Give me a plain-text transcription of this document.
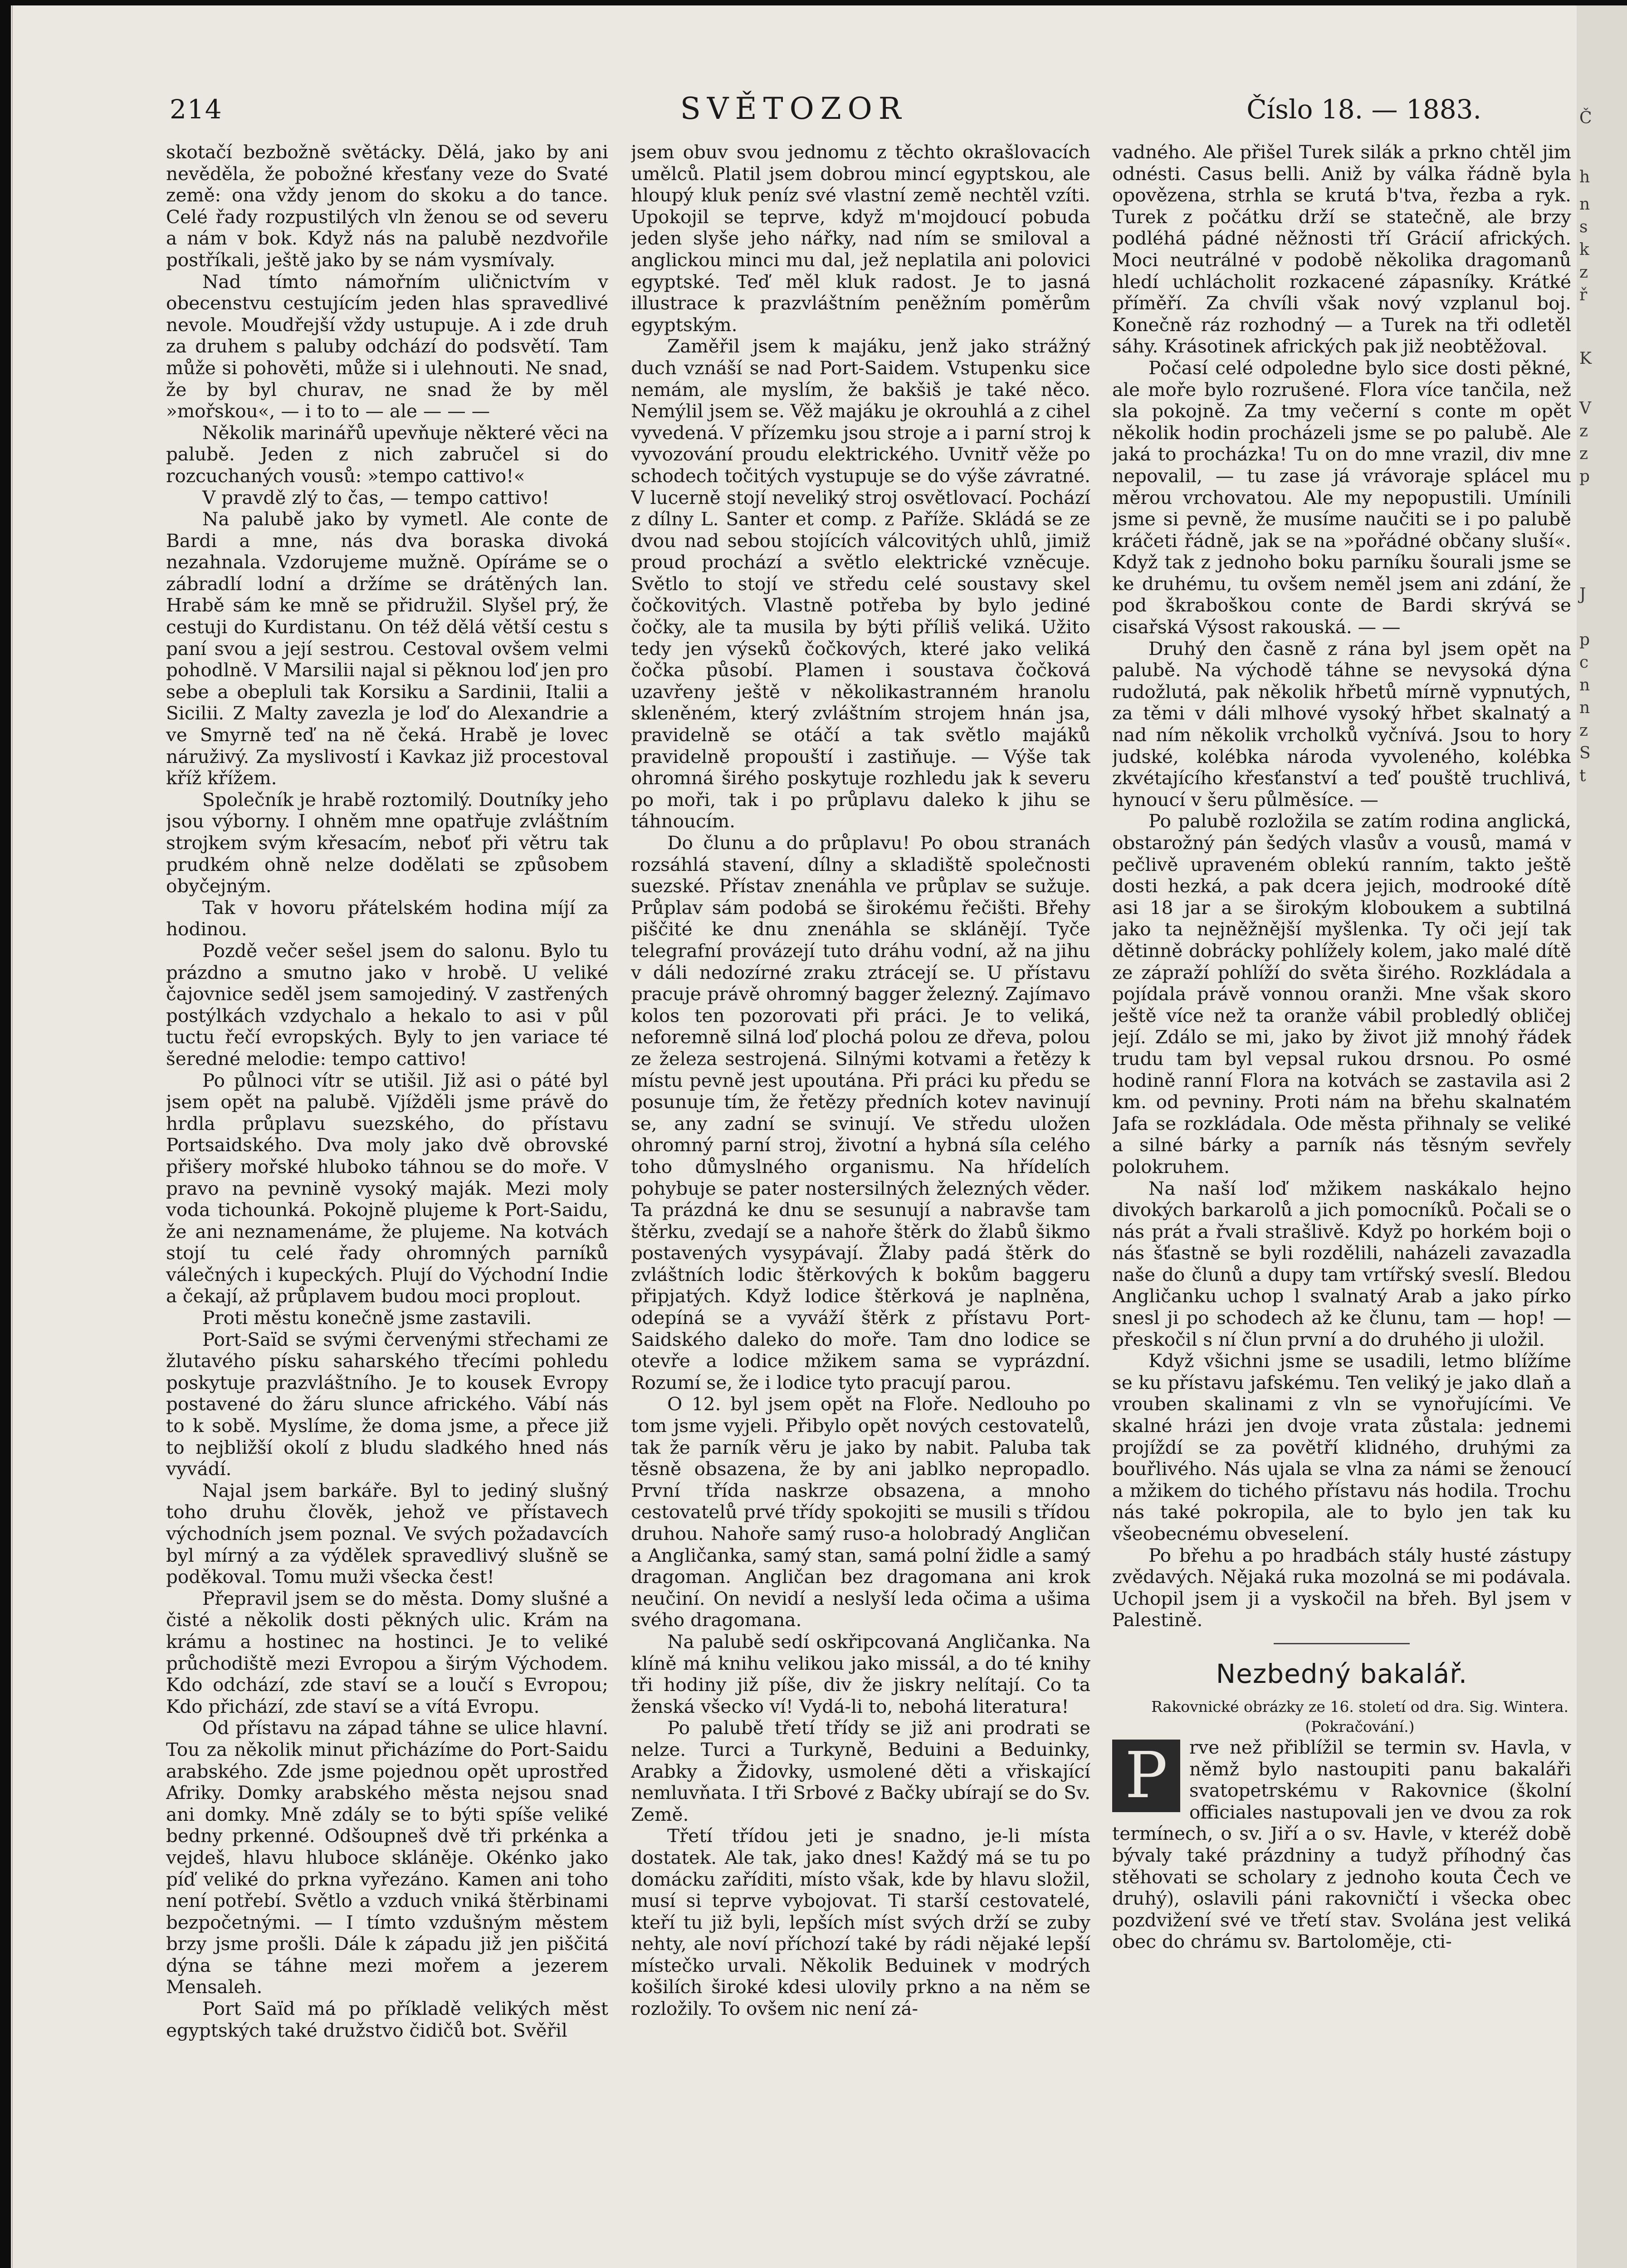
214	SVĚTOZOR	Číslo 18. — 1883.

skotačí bezbožně světácky. Dělá, jako by ani nevěděla, že pobožné křesťany veze do Svaté země: ona vždy jenom do skoku a do tance. Celé řady rozpustilých vln ženou se od severu a nám v bok. Když nás na palubě nezdvořile postříkali, ještě jako by se nám vysmívaly.

Nad tímto námořním uličnictvím v obecenstvu cestujícím jeden hlas spravedlivé nevole. Moudřejší vždy ustupuje. A i zde druh za druhem s paluby odchází do podsvětí. Tam může si pohověti, může si i ulehnouti. Ne snad, že by byl churav, ne snad že by měl »mořskou«, — i to to — ale — — —

Několik marinářů upevňuje některé věci na palubě. Jeden z nich zabručel si do rozcuchaných vousů: »tempo cattivo!«

V pravdě zlý to čas, — tempo cattivo!

Na palubě jako by vymetl. Ale conte de Bardi a mne, nás dva boraska divoká nezahnala. Vzdorujeme mužně. Opíráme se o zábradlí lodní a držíme se drátěných lan. Hrabě sám ke mně se přidružil. Slyšel prý, že cestuji do Kurdistanu. On též dělá větší cestu s paní svou a její sestrou. Cestoval ovšem velmi pohodlně. V Marsilii najal si pěknou loď jen pro sebe a obepluli tak Korsiku a Sardinii, Italii a Sicilii. Z Malty zavezla je loď do Alexandrie a ve Smyrně teď na ně čeká. Hrabě je lovec náruživý. Za myslivostí i Kavkaz již procestoval kříž křížem.

Společník je hrabě roztomilý. Doutníky jeho jsou výborny. I ohněm mne opatřuje zvláštním strojkem svým křesacím, neboť při větru tak prudkém ohně nelze dodělati se způsobem obyčejným.

Tak v hovoru přátelském hodina míjí za hodinou.

Pozdě večer sešel jsem do salonu. Bylo tu prázdno a smutno jako v hrobě. U veliké čajovnice seděl jsem samojediný. V zastřených postýlkách vzdychalo a hekalo to asi v půl tuctu řečí evropských. Byly to jen variace té šeredné melodie: tempo cattivo!

Po půlnoci vítr se utišil. Již asi o páté byl jsem opět na palubě. Vjížděli jsme právě do hrdla průplavu suezského, do přístavu Portsaidského. Dva moly jako dvě obrovské přišery mořské hluboko táhnou se do moře. V pravo na pevnině vysoký maják. Mezi moly voda tichounká. Pokojně plujeme k Port-Saidu, že ani neznamenáme, že plujeme. Na kotvách stojí tu celé řady ohromných parníků válečných i kupeckých. Plují do Východní Indie a čekají, až průplavem budou moci proplout.

Proti městu konečně jsme zastavili.

Port-Saïd se svými červenými střechami ze žlutavého písku saharského třecími pohledu poskytuje prazvláštního. Je to kousek Evropy postavené do žáru slunce afrického. Vábí nás to k sobě. Myslíme, že doma jsme, a přece již to nejbližší okolí z bludu sladkého hned nás vyvádí.

Najal jsem barkáře. Byl to jediný slušný toho druhu člověk, jehož ve přístavech východních jsem poznal. Ve svých požadavcích byl mírný a za výdělek spravedlivý slušně se poděkoval. Tomu muži všecka čest!

Přepravil jsem se do města. Domy slušné a čisté a několik dosti pěkných ulic. Krám na krámu a hostinec na hostinci. Je to veliké průchodiště mezi Evropou a širým Východem. Kdo odchází, zde staví se a loučí s Evropou; Kdo přichází, zde staví se a vítá Evropu.

Od přístavu na západ táhne se ulice hlavní. Tou za několik minut přicházíme do Port-Saidu arabského. Zde jsme pojednou opět uprostřed Afriky. Domky arabského města nejsou snad ani domky. Mně zdály se to býti spíše veliké bedny prkenné. Odšoupneš dvě tři prkénka a vejdeš, hlavu hluboce skláněje. Okénko jako píď veliké do prkna vyřezáno. Kamen ani toho není potřebí. Světlo a vzduch vniká štěrbinami bezpočetnými. — I tímto vzdušným městem brzy jsme prošli. Dále k západu již jen piščitá dýna se táhne mezi mořem a jezerem Mensaleh.

Port Saïd má po příkladě velikých měst egyptských také družstvo čidičů bot. Svěřil

jsem obuv svou jednomu z těchto okrašlovacích umělců. Platil jsem dobrou mincí egyptskou, ale hloupý kluk peníz své vlastní země nechtěl vzíti. Upokojil se teprve, když m'mojdoucí pobuda jeden slyše jeho nářky, nad ním se smiloval a anglickou minci mu dal, jež neplatila ani polovici egyptské. Teď měl kluk radost. Je to jasná illustrace k prazvláštním peněžním poměrům egyptským.

Zaměřil jsem k majáku, jenž jako strážný duch vznáší se nad Port-Saidem. Vstupenku sice nemám, ale myslím, že bakšiš je také něco. Nemýlil jsem se. Věž majáku je okrouhlá a z cihel vyvedená. V přízemku jsou stroje a i parní stroj k vyvozování proudu elektrického. Uvnitř věže po schodech točitých vystupuje se do výše závratné. V lucerně stojí neveliký stroj osvětlovací. Pochází z dílny L. Santer et comp. z Paříže. Skládá se ze dvou nad sebou stojících válcovitých uhlů, jimiž proud prochází a světlo elektrické vzněcuje. Světlo to stojí ve středu celé soustavy skel čočkovitých. Vlastně potřeba by bylo jediné čočky, ale ta musila by býti příliš veliká. Užito tedy jen výseků čočkových, které jako veliká čočka působí. Plamen i soustava čočková uzavřeny ještě v několikastranném hranolu skleněném, který zvláštním strojem hnán jsa, pravidelně se otáčí a tak světlo majáků pravidelně propouští i zastiňuje. — Výše tak ohromná širého poskytuje rozhledu jak k severu po moři, tak i po průplavu daleko k jihu se táhnoucím.

Do člunu a do průplavu! Po obou stranách rozsáhlá stavení, dílny a skladiště společnosti suezské. Přístav znenáhla ve průplav se sužuje. Průplav sám podobá se širokému řečišti. Břehy piščité ke dnu znenáhla se sklánějí. Tyče telegrafní provázejí tuto dráhu vodní, až na jihu v dáli nedozírné zraku ztrácejí se. U přístavu pracuje právě ohromný bagger železný. Zajímavo kolos ten pozorovati při práci. Je to veliká, neforemně silná loď plochá polou ze dřeva, polou ze železa sestrojená. Silnými kotvami a řetězy k místu pevně jest upoutána. Při práci ku předu se posunuje tím, že řetězy předních kotev navinují se, any zadní se svinují. Ve středu uložen ohromný parní stroj, životní a hybná síla celého toho důmyslného organismu. Na hřídelích pohybuje se pater nostersilných železných věder. Ta prázdná ke dnu se sesunují a nabravše tam štěrku, zvedají se a nahoře štěrk do žlabů šikmo postavených vysypávají. Žlaby padá štěrk do zvláštních lodic štěrkových k bokům baggeru připjatých. Když lodice štěrková je naplněna, odepíná se a vyváží štěrk z přístavu Port-Saidského daleko do moře. Tam dno lodice se otevře a lodice mžikem sama se vyprázdní. Rozumí se, že i lodice tyto pracují parou.

O 12. byl jsem opět na Floře. Nedlouho po tom jsme vyjeli. Přibylo opět nových cestovatelů, tak že parník věru je jako by nabit. Paluba tak těsně obsazena, že by ani jablko nepropadlo. První třída naskrze obsazena, a mnoho cestovatelů prvé třídy spokojiti se musili s třídou druhou. Nahoře samý ruso-a holobradý Angličan a Angličanka, samý stan, samá polní židle a samý dragoman. Angličan bez dragomana ani krok neučiní. On nevidí a neslyší leda očima a ušima svého dragomana.

Na palubě sedí oskřipcovaná Angličanka. Na klíně má knihu velikou jako missál, a do té knihy tři hodiny již píše, div že jiskry nelítají. Co ta ženská všecko ví! Vydá-li to, nebohá literatura!

Po palubě třetí třídy se již ani prodrati se nelze. Turci a Turkyně, Beduini a Beduinky, Arabky a Židovky, usmolené děti a vřiskající nemluvňata. I tři Srbové z Bačky ubírají se do Sv. Země.

Třetí třídou jeti je snadno, je-li místa dostatek. Ale tak, jako dnes! Každý má se tu po domácku zaříditi, místo však, kde by hlavu složil, musí si teprve vybojovat. Ti starší cestovatelé, kteří tu již byli, lepších míst svých drží se zuby nehty, ale noví příchozí také by rádi nějaké lepší místečko urvali. Několik Beduinek v modrých košilích široké kdesi ulovily prkno a na něm se rozložily. To ovšem nic není zá-

vadného. Ale přišel Turek silák a prkno chtěl jim odnésti. Casus belli. Aniž by válka řádně byla opovězena, strhla se krutá b'tva, řezba a ryk. Turek z počátku drží se statečně, ale brzy podléhá pádné něžnosti tří Grácií afrických. Moci neutrálné v podobě několika dragomanů hledí uchlácholit rozkacené zápasníky. Krátké příměří. Za chvíli však nový vzplanul boj. Konečně ráz rozhodný — a Turek na tři odletěl sáhy. Krásotinek afrických pak již neobtěžoval.

Počasí celé odpoledne bylo sice dosti pěkné, ale moře bylo rozrušené. Flora více tančila, než sla pokojně. Za tmy večerní s conte m opět několik hodin procházeli jsme se po palubě. Ale jaká to procházka! Tu on do mne vrazil, div mne nepovalil, — tu zase já vrávoraje splácel mu měrou vrchovatou. Ale my nepopustili. Umínili jsme si pevně, že musíme naučiti se i po palubě kráčeti řádně, jak se na »pořádné občany sluší«. Když tak z jednoho boku parníku šourali jsme se ke druhému, tu ovšem neměl jsem ani zdání, že pod škraboškou conte de Bardi skrývá se cisařská Výsost rakouská. — —

Druhý den časně z rána byl jsem opět na palubě. Na východě táhne se nevysoká dýna rudožlutá, pak několik hřbetů mírně vypnutých, za těmi v dáli mlhové vysoký hřbet skalnatý a nad ním několik vrcholků vyčnívá. Jsou to hory judské, kolébka národa vyvoleného, kolébka zkvétajícího křesťanství a teď pouště truchlivá, hynoucí v šeru půlměsíce. —

Po palubě rozložila se zatím rodina anglická, obstarožný pán šedých vlasův a vousů, mamá v pečlivě upraveném oblekú ranním, takto ještě dosti hezká, a pak dcera jejich, modrooké dítě asi 18 jar a se širokým kloboukem a subtilná jako ta nejněžnější myšlenka. Ty oči její tak dětinně dobrácky pohlížely kolem, jako malé dítě ze zápraží pohlíží do světa širého. Rozkládala a pojídala právě vonnou oranži. Mne však skoro ještě více než ta oranže vábil probledlý obličej její. Zdálo se mi, jako by život již mnohý řádek trudu tam byl vepsal rukou drsnou. Po osmé hodině ranní Flora na kotvách se zastavila asi 2 km. od pevniny. Proti nám na břehu skalnatém Jafa se rozkládala. Ode města přihnaly se veliké a silné bárky a parník nás těsným sevřely polokruhem.

Na naší loď mžikem naskákalo hejno divokých barkarolů a jich pomocníků. Počali se o nás prát a řvali strašlivě. Když po horkém boji o nás šťastně se byli rozdělili, naházeli zavazadla naše do člunů a dupy tam vrtířský sveslí. Bledou Angličanku uchop l svalnatý Arab a jako pírko snesl ji po schodech až ke člunu, tam — hop! — přeskočil s ní člun první a do druhého ji uložil.

Když všichni jsme se usadili, letmo blížíme se ku přístavu jafskému. Ten veliký je jako dlaň a vrouben skalinami z vln se vynořujícími. Ve skalné hrázi jen dvoje vrata zůstala: jednemi projíždí se za povětří klidného, druhými za bouřlivého. Nás ujala se vlna za námi se ženoucí a mžikem do tichého přístavu nás hodila. Trochu nás také pokropila, ale to bylo jen tak ku všeobecnému obveselení.

Po břehu a po hradbách stály husté zástupy zvědavých. Nějaká ruka mozolná se mi podávala. Uchopil jsem ji a vyskočil na břeh. Byl jsem v Palestině.

Nezbedný bakalář.

Rakovnické obrázky ze 16. století od dra. Sig. Wintera.

(Pokračování.)

P	rve než přiblížil se termin sv. Havla, v němž bylo nastoupiti panu bakaláři svatopetrskému v Rakovnice (školní officiales nastupovali jen ve dvou za rok termínech, o sv. Jiří a o sv. Havle, v kteréž době bývaly také prázdniny a tudyž příhodný čas stěhovati se scholary z jednoho kouta Čech ve druhý), oslavili páni rakovničtí i všecka obec pozdvižení své ve třetí stav. Svolána jest veliká obec do chrámu sv. Bartoloměje, cti-

Č
h
n
s
k
z
ř
K
V
z
z
p
J
p
c
n
n
z
S
t
